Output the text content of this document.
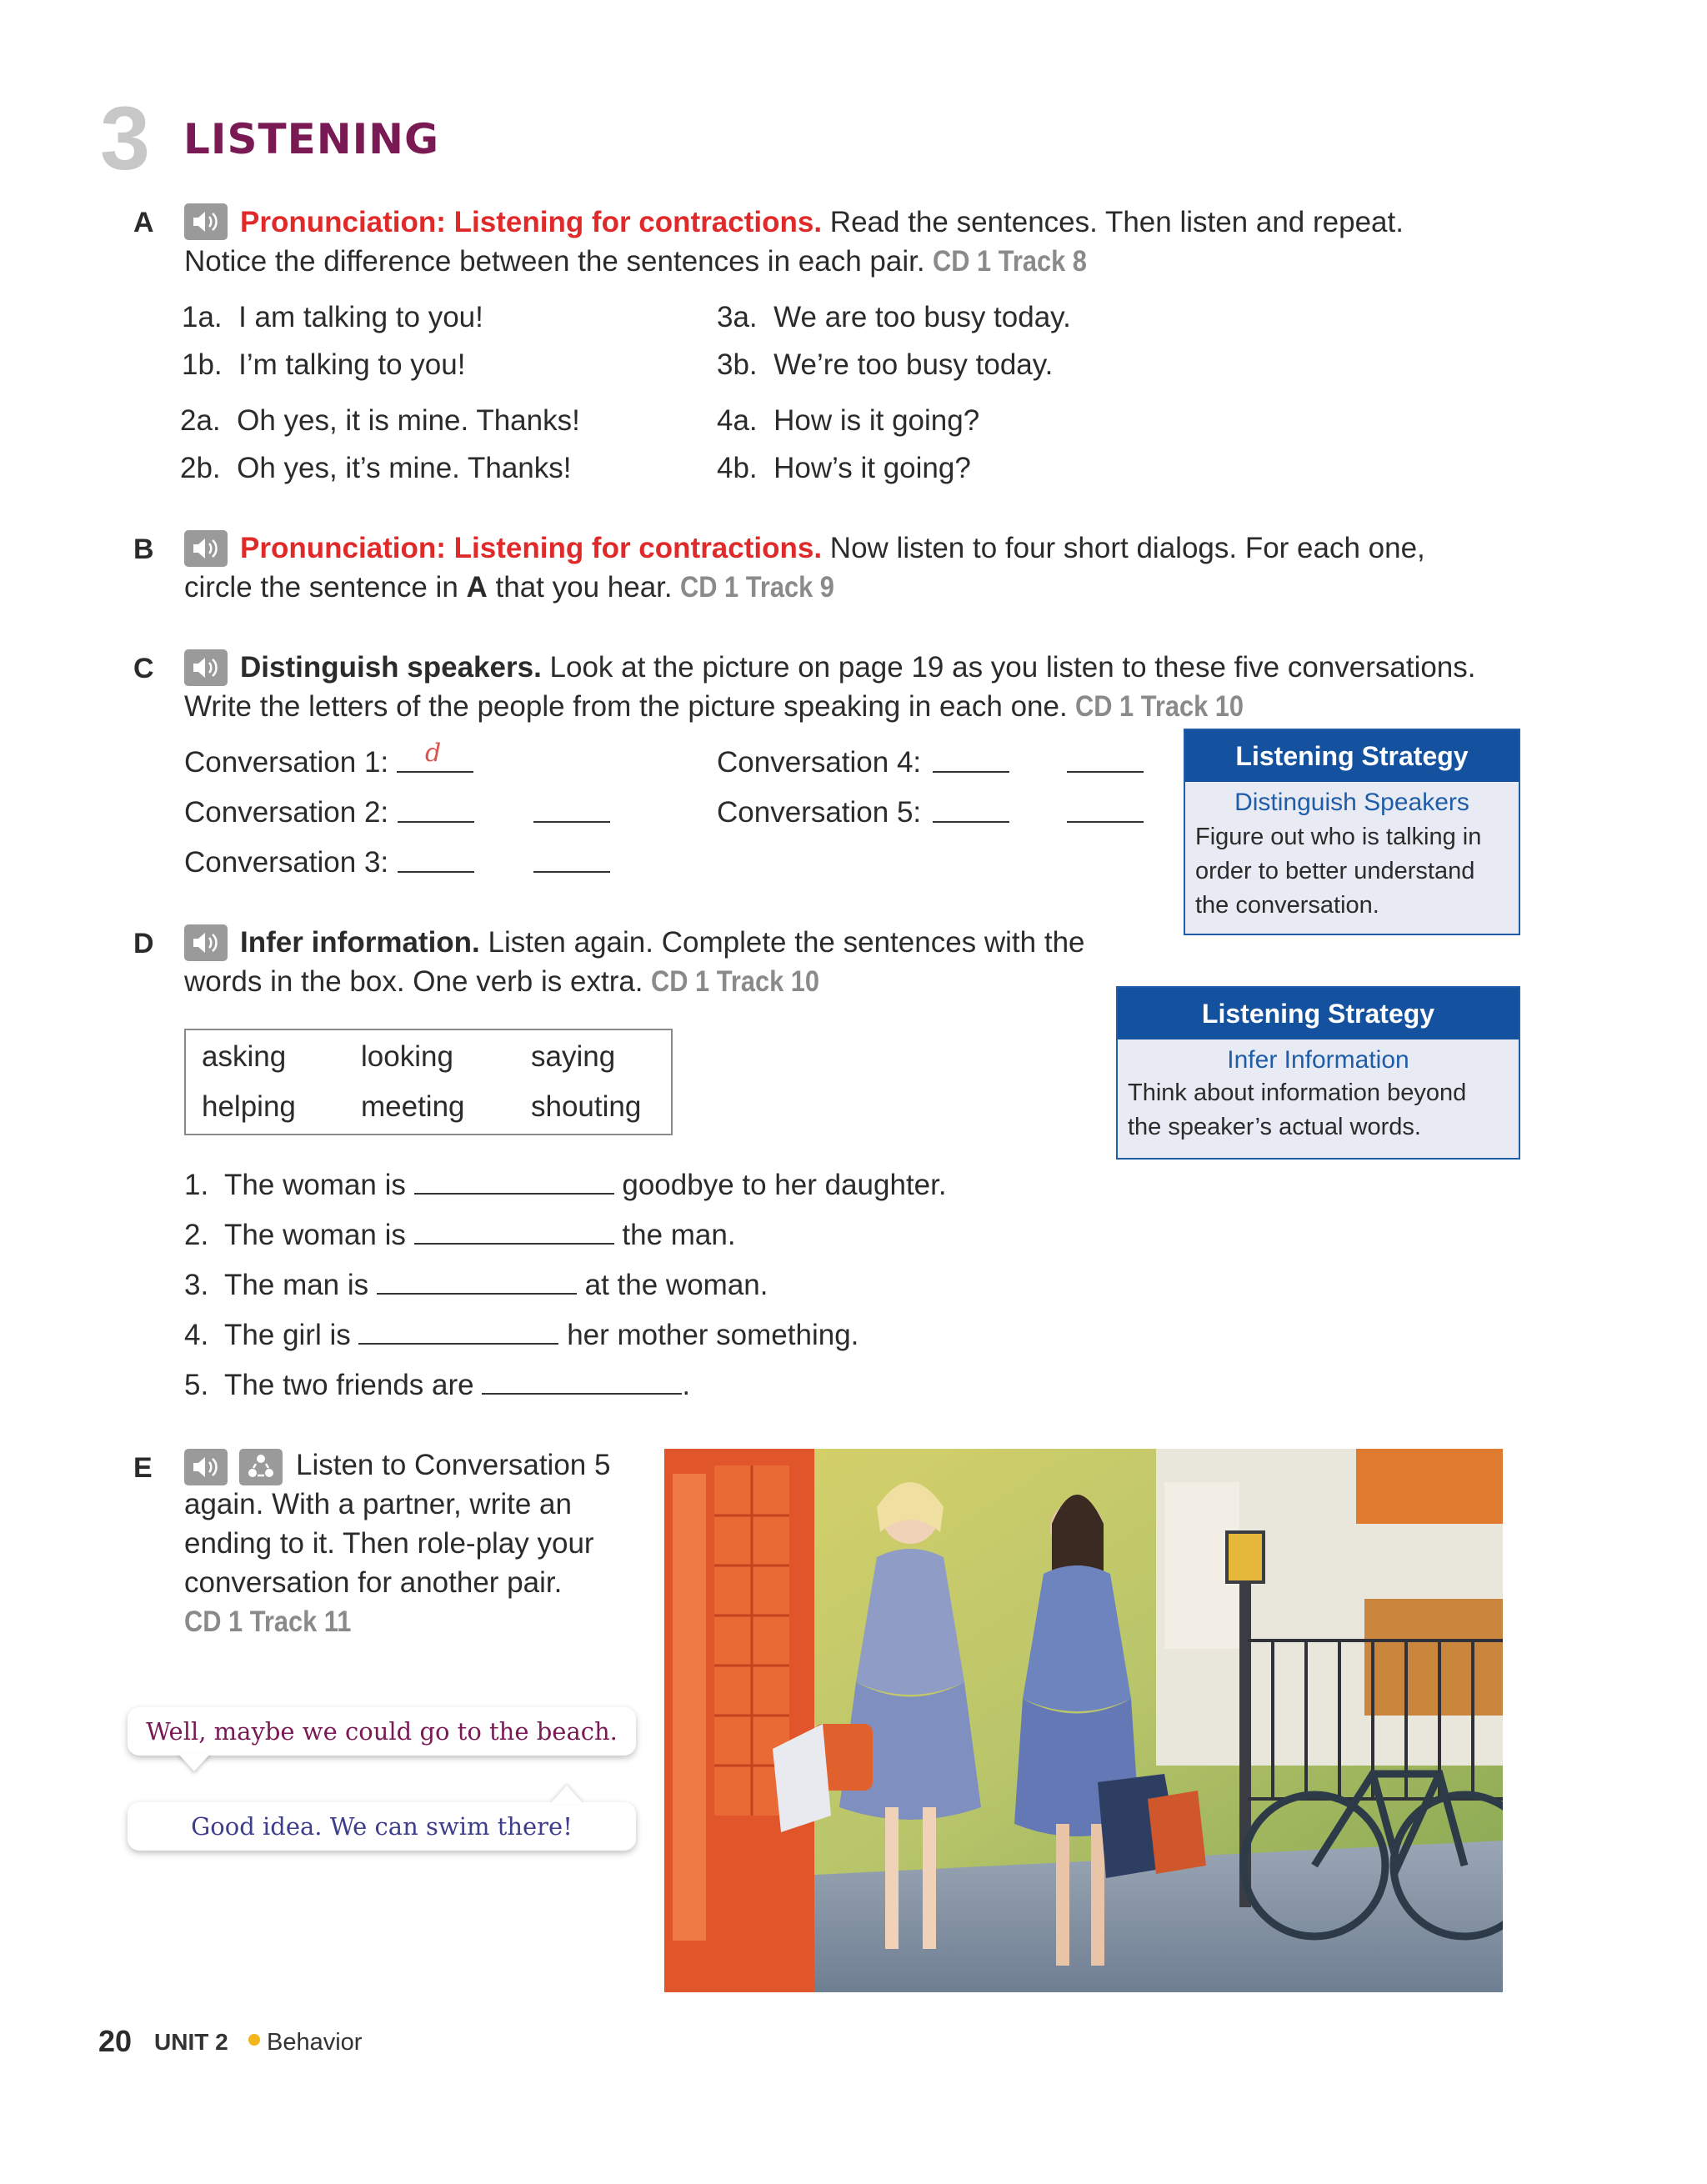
3 LISTENING
A	Pronunciation: Listening for contractions. Read the sentences. Then listen and repeat.
Notice the difference between the sentences in each pair. CD 1 Track 8
1a. I am talking to you!
1b. I’m talking to you!
2a. Oh yes, it is mine. Thanks!
2b. Oh yes, it’s mine. Thanks!
3a. We are too busy today.
3b. We’re too busy today.
4a. How is it going?
4b. How’s it going?
B	Pronunciation: Listening for contractions. Now listen to four short dialogs. For each one,
circle the sentence in A that you hear. CD 1 Track 9
C	Distinguish speakers. Look at the picture on page 19 as you listen to these five conversations.
Write the letters of the people from the picture speaking in each one. CD 1 Track 10
Conversation 1: d
Conversation 2:
Conversation 3:
Conversation 4:
Conversation 5:
Listening Strategy
Distinguish Speakers
Figure out who is talking in
order to better understand
the conversation.
D	Infer information. Listen again. Complete the sentences with the
words in the box. One verb is extra. CD 1 Track 10
asking	looking	saying
helping meeting shouting
Listening Strategy
Infer Information
Think about information beyond
the speaker’s actual words.
1. The woman is	goodbye to her daughter.
2. The woman is	the man.
3. The man is	at the woman.
4. The girl is	her mother something.
5. The two friends are	.
E	Listen to Conversation 5
again. With a partner, write an
ending to it. Then role-play your
conversation for another pair.
CD 1 Track 11
Well, maybe we could go to the beach.
Good idea. We can swim there!
20 UNIT 2 Behavior
